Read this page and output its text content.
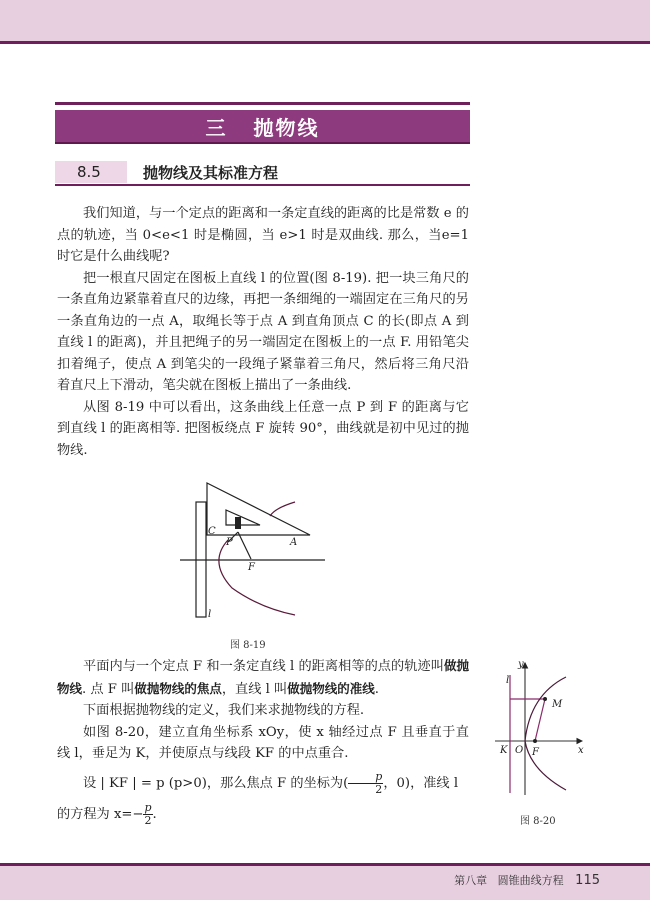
三 抛物线
8.5	抛物线及其标准方程

我们知道，与一个定点的距离和一条定直线的距离的比是常数 e 的点的轨迹，当 0<e<1 时是椭圆，当 e>1 时是双曲线. 那么，当e=1时它是什么曲线呢?

把一根直尺固定在图板上直线 l 的位置(图 8-19). 把一块三角尺的一条直角边紧靠着直尺的边缘，再把一条细绳的一端固定在三角尺的另一条直角边的一点 A，取绳长等于点 A 到直角顶点 C 的长(即点 A 到直线 l 的距离)，并且把绳子的另一端固定在图板上的一点 F. 用铅笔尖扣着绳子，使点 A 到笔尖的一段绳子紧靠着三角尺，然后将三角尺沿着直尺上下滑动，笔尖就在图板上描出了一条曲线.

从图 8-19 中可以看出，这条曲线上任意一点 P 到 F 的距离与它到直线 l 的距离相等. 把图板绕点 F 旋转 90°，曲线就是初中见过的抛物线.

C
P	A
F
l
图 8-19

平面内与一个定点 F 和一条定直线 l 的距离相等的点的轨迹叫做抛物线. 点 F 叫做抛物线的焦点，直线 l 叫做抛物线的准线.

下面根据抛物线的定义，我们来求抛物线的方程.

如图 8-20，建立直角坐标系 xOy，使 x 轴经过点 F 且垂直于直线 l，垂足为 K，并使原点与线段 KF 的中点重合.

设 | KF | = p (p>0)，那么焦点 F 的坐标为( $\frac{p}{2}$ ，0)，准线 l

的方程为 $x=- \frac{p}{2}$ .

y
l
M
K O F	x
图 8-20
第八章 圆锥曲线方程 115
